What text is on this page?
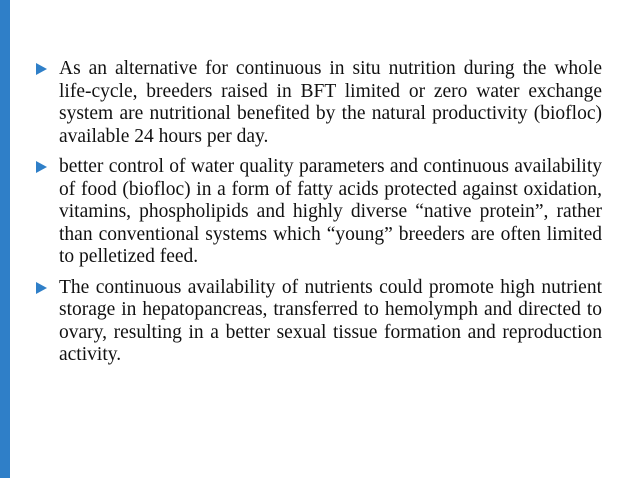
As an alternative for continuous in situ nutrition during the whole life-cycle, breeders raised in BFT limited or zero water exchange system are nutritional benefited by the natural productivity (biofloc) available 24 hours per day.
better control of water quality parameters and continuous availability of food (biofloc) in a form of fatty acids protected against oxidation, vitamins, phospholipids and highly diverse “native protein”, rather than conventional systems which “young” breeders are often limited to pelletized feed.
The continuous availability of nutrients could promote high nutrient storage in hepatopancreas, transferred to hemolymph and directed to ovary, resulting in a better sexual tissue formation and reproduction activity.
